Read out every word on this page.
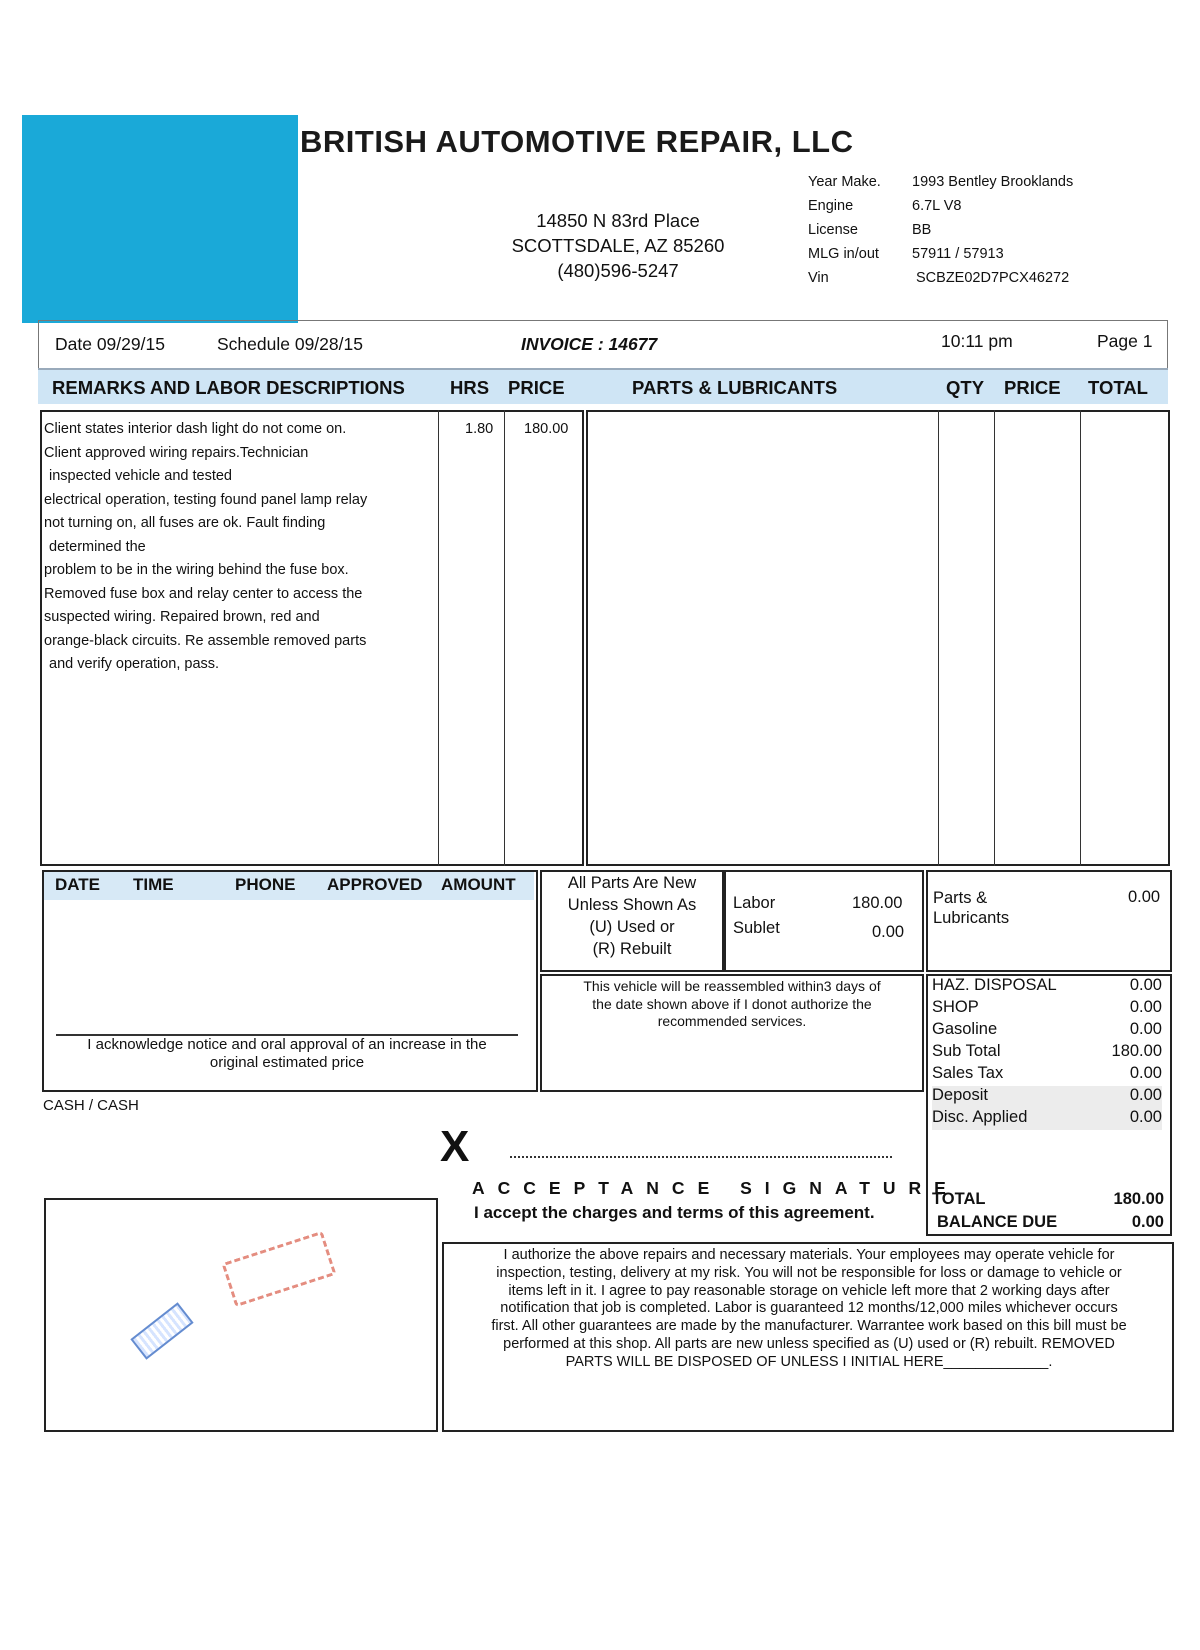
BRITISH AUTOMOTIVE REPAIR, LLC
14850 N 83rd Place
SCOTTSDALE, AZ 85260
(480)596-5247
Year Make.	1993 Bentley Brooklands
Engine	6.7L V8
License	BB
MLG in/out	57911 / 57913
Vin	SCBZE02D7PCX46272
Date 09/29/15	Schedule 09/28/15	INVOICE : 14677	10:11 pm	Page 1
REMARKS AND LABOR DESCRIPTIONS HRS PRICE	PARTS & LUBRICANTS	QTY PRICE TOTAL
Client states interior dash light do not come on.
Client approved wiring repairs.Technician
inspected vehicle and tested
electrical operation, testing found panel lamp relay
not turning on, all fuses are ok. Fault finding
determined the
problem to be in the wiring behind the fuse box.
Removed fuse box and relay center to access the
suspected wiring. Repaired brown, red and
orange-black circuits. Re assemble removed parts
and verify operation, pass.
1.80 180.00
DATE TIME	PHONE APPROVED AMOUNT
I acknowledge notice and oral approval of an increase in the
original estimated price
CASH / CASH
All Parts Are New
Unless Shown As
(U) Used or
(R) Rebuilt
Labor	180.00
Sublet	0.00
Parts &
Lubricants
0.00
This vehicle will be reassembled within3 days of
the date shown above if I donot authorize the
recommended services.
HAZ. DISPOSAL	0.00
SHOP	0.00
Gasoline	0.00
Sub Total	180.00
Sales Tax	0.00
Deposit	0.00
Disc. Applied	0.00
TOTAL	180.00
BALANCE DUE	0.00
X
ACCEPTANCE SIGNATURE
I accept the charges and terms of this agreement.
I authorize the above repairs and necessary materials. Your employees may operate vehicle for
inspection, testing, delivery at my risk. You will not be responsible for loss or damage to vehicle or
items left in it. I agree to pay reasonable storage on vehicle left more that 2 working days after
notification that job is completed. Labor is guaranteed 12 months/12,000 miles whichever occurs
first. All other guarantees are made by the manufacturer. Warrantee work based on this bill must be
performed at this shop. All parts are new unless specified as (U) used or (R) rebuilt. REMOVED
PARTS WILL BE DISPOSED OF UNLESS I INITIAL HERE_____________.
